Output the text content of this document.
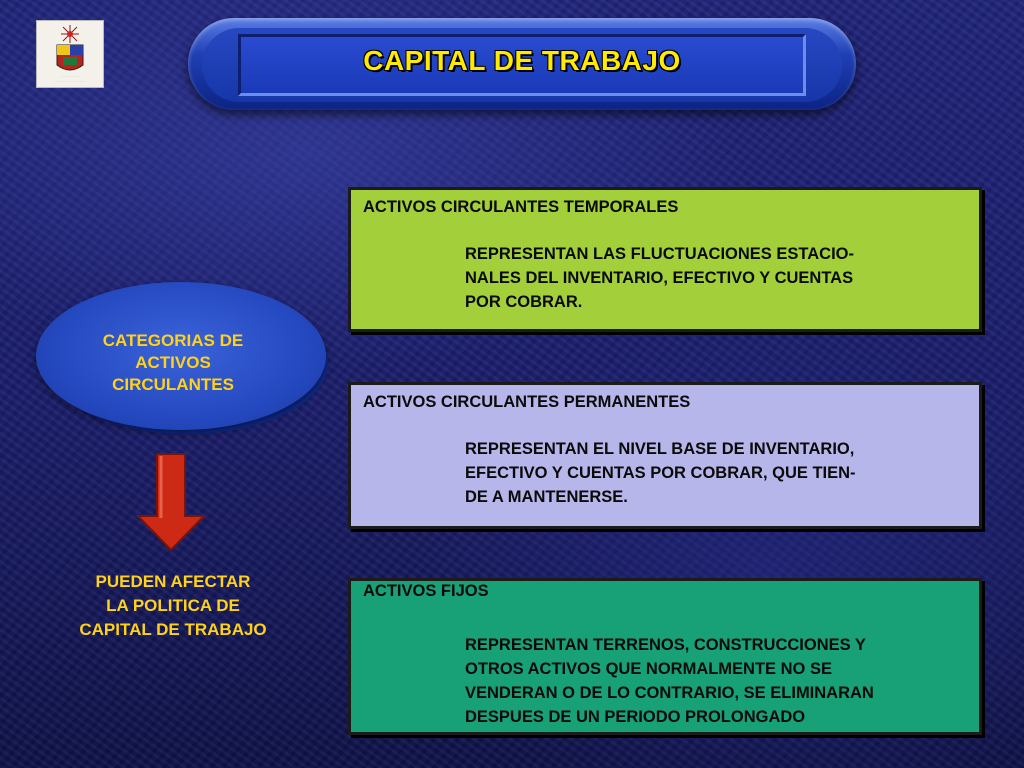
· · · · · · · · · · ·
· · · · · · · · · · · · · · · ·
CAPITAL DE TRABAJO
CATEGORIAS DE
ACTIVOS
CIRCULANTES
PUEDEN AFECTAR
LA POLITICA DE
CAPITAL DE TRABAJO
ACTIVOS CIRCULANTES TEMPORALES
REPRESENTAN LAS FLUCTUACIONES ESTACIO-
NALES DEL INVENTARIO, EFECTIVO Y CUENTAS
POR COBRAR.
ACTIVOS CIRCULANTES PERMANENTES
REPRESENTAN EL NIVEL BASE DE INVENTARIO,
EFECTIVO Y CUENTAS POR COBRAR, QUE TIEN-
DE A MANTENERSE.
ACTIVOS FIJOS
REPRESENTAN TERRENOS, CONSTRUCCIONES Y
OTROS ACTIVOS QUE NORMALMENTE NO SE
VENDERAN O DE LO CONTRARIO, SE ELIMINARAN
DESPUES DE UN PERIODO PROLONGADO
